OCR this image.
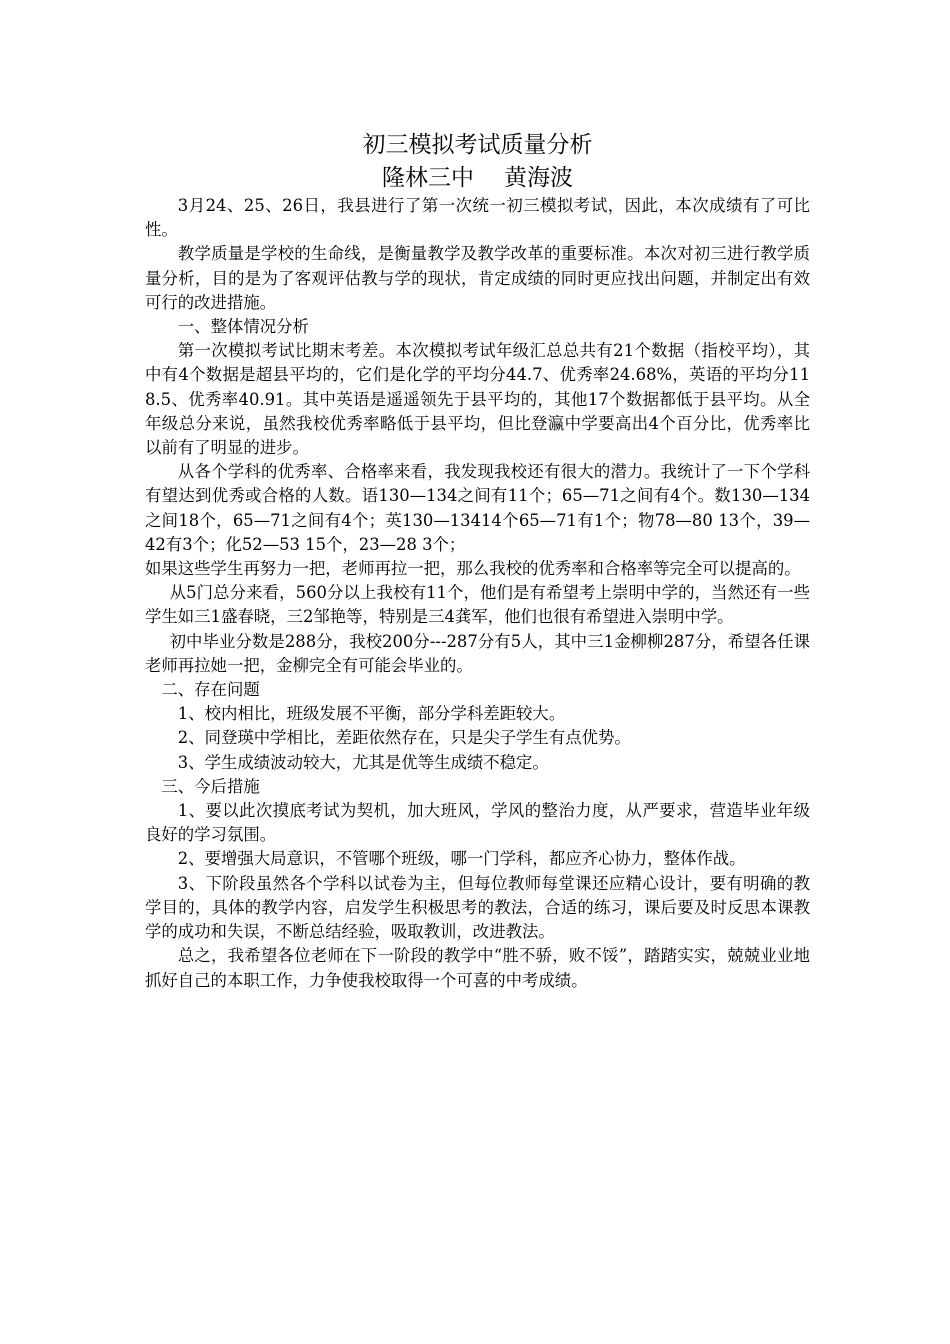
初三模拟考试质量分析

隆林三中 黄海波

3月24、25、26日，我县进行了第一次统一初三模拟考试，因此，本次成绩有了可比性。

教学质量是学校的生命线，是衡量教学及教学改革的重要标准。本次对初三进行教学质量分析，目的是为了客观评估教与学的现状，肯定成绩的同时更应找出问题，并制定出有效可行的改进措施。

一、整体情况分析

第一次模拟考试比期末考差。本次模拟考试年级汇总总共有21个数据（指校平均），其中有4个数据是超县平均的，它们是化学的平均分44.7、优秀率24.68%，英语的平均分118.5、优秀率40.91。其中英语是遥遥领先于县平均的，其他17个数据都低于县平均。从全年级总分来说，虽然我校优秀率略低于县平均，但比登瀛中学要高出4个百分比，优秀率比以前有了明显的进步。

从各个学科的优秀率、合格率来看，我发现我校还有很大的潜力。我统计了一下个学科有望达到优秀或合格的人数。语130—134之间有11个；65—71之间有4个。数130—134之间18个，65—71之间有4个；英130—13414个65—71有1个；物78—80 13个，39—42有3个；化52—53 15个，23—28 3个；

如果这些学生再努力一把，老师再拉一把，那么我校的优秀率和合格率等完全可以提高的。

从5门总分来看，560分以上我校有11个，他们是有希望考上崇明中学的，当然还有一些学生如三1盛春晓，三2邹艳等，特别是三4龚军，他们也很有希望进入崇明中学。

初中毕业分数是288分，我校200分---287分有5人，其中三1金柳柳287分，希望各任课老师再拉她一把，金柳完全有可能会毕业的。

二、存在问题

1、校内相比，班级发展不平衡，部分学科差距较大。

2、同登瑛中学相比，差距依然存在，只是尖子学生有点优势。

3、学生成绩波动较大，尤其是优等生成绩不稳定。

三、今后措施

1、要以此次摸底考试为契机，加大班风，学风的整治力度，从严要求，营造毕业年级良好的学习氛围。

2、要增强大局意识，不管哪个班级，哪一门学科，都应齐心协力，整体作战。

3、下阶段虽然各个学科以试卷为主，但每位教师每堂课还应精心设计，要有明确的教学目的，具体的教学内容，启发学生积极思考的教法，合适的练习，课后要及时反思本课教学的成功和失误，不断总结经验，吸取教训，改进教法。

总之，我希望各位老师在下一阶段的教学中“胜不骄，败不馁”，踏踏实实，兢兢业业地抓好自己的本职工作，力争使我校取得一个可喜的中考成绩。
